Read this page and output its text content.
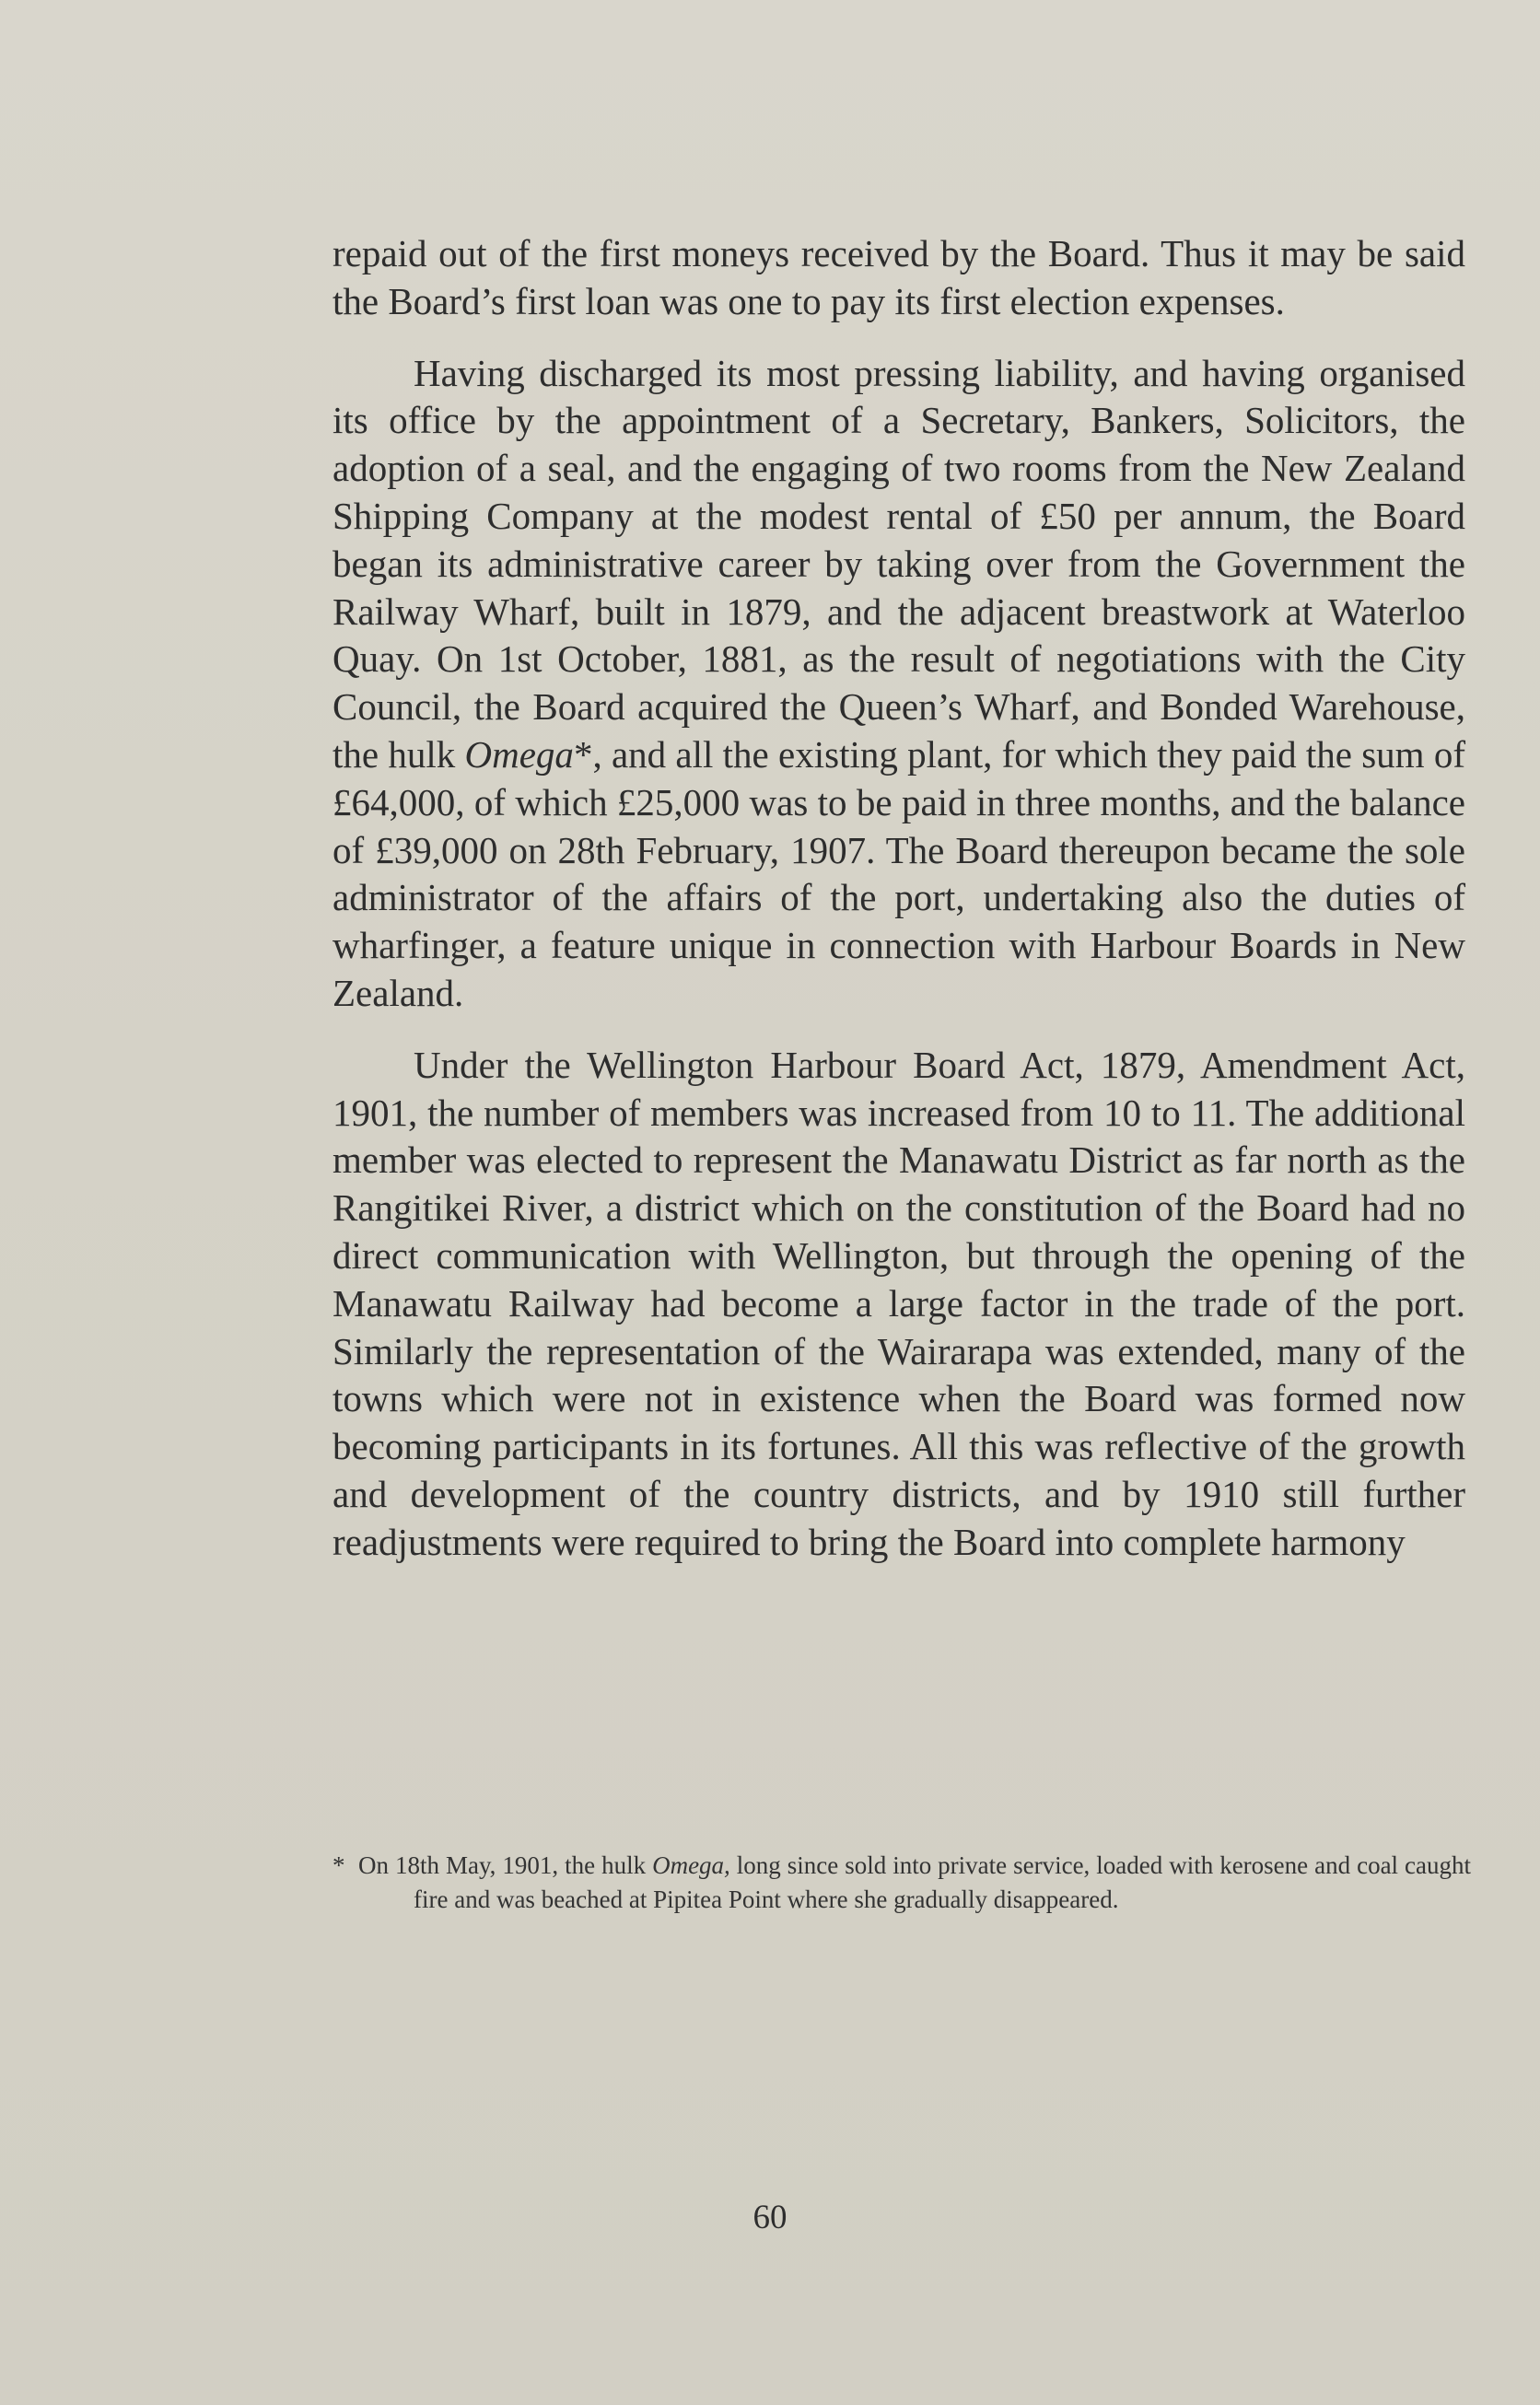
repaid out of the first moneys received by the Board. Thus it may be said the Board’s first loan was one to pay its first election expenses.

Having discharged its most pressing liability, and having organised its office by the appointment of a Secretary, Bankers, Solicitors, the adoption of a seal, and the engaging of two rooms from the New Zealand Shipping Company at the modest rental of £50 per annum, the Board began its administrative career by taking over from the Government the Railway Wharf, built in 1879, and the adjacent breastwork at Waterloo Quay. On 1st October, 1881, as the result of negotiations with the City Council, the Board acquired the Queen’s Wharf, and Bonded Warehouse, the hulk Omega*, and all the existing plant, for which they paid the sum of £64,000, of which £25,000 was to be paid in three months, and the balance of £39,000 on 28th February, 1907. The Board thereupon became the sole administrator of the affairs of the port, undertaking also the duties of wharfinger, a feature unique in connection with Harbour Boards in New Zealand.

Under the Wellington Harbour Board Act, 1879, Amendment Act, 1901, the number of members was increased from 10 to 11. The additional member was elected to represent the Manawatu District as far north as the Rangitikei River, a district which on the constitution of the Board had no direct communication with Wellington, but through the opening of the Manawatu Railway had become a large factor in the trade of the port. Similarly the representation of the Wairarapa was extended, many of the towns which were not in existence when the Board was formed now becoming participants in its fortunes. All this was reflective of the growth and development of the country districts, and by 1910 still further readjustments were required to bring the Board into complete harmony

* On 18th May, 1901, the hulk Omega, long since sold into private service, loaded with kerosene and coal caught fire and was beached at Pipitea Point where she gradually disappeared.
60
